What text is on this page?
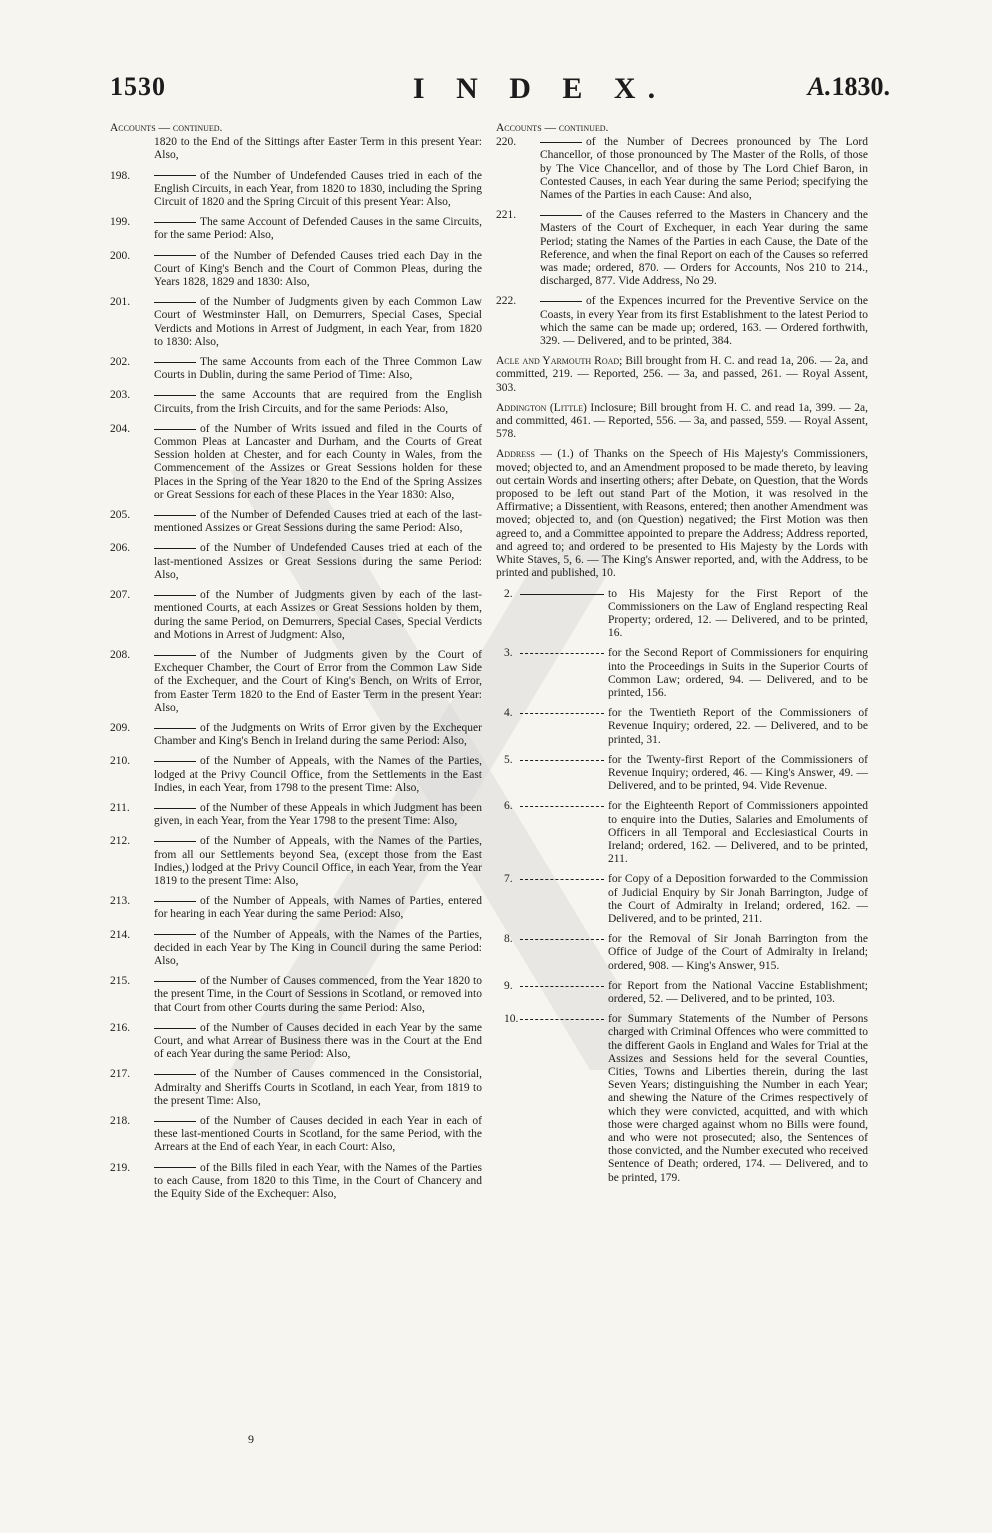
1530	I N D E X.	A.1830.
Accounts — continued.
1820 to the End of the Sittings after Easter Term in this present Year: Also,
198.	of the Number of Undefended Causes tried in each of the English Circuits, in each Year, from 1820 to 1830, including the Spring Circuit of 1820 and the Spring Circuit of this present Year: Also,
199.	The same Account of Defended Causes in the same Circuits, for the same Period: Also,
200.	of the Number of Defended Causes tried each Day in the Court of King's Bench and the Court of Common Pleas, during the Years 1828, 1829 and 1830: Also,
201.	of the Number of Judgments given by each Common Law Court of Westminster Hall, on Demurrers, Special Cases, Special Verdicts and Motions in Arrest of Judgment, in each Year, from 1820 to 1830: Also,
202.	The same Accounts from each of the Three Common Law Courts in Dublin, during the same Period of Time: Also,
203.	the same Accounts that are required from the English Circuits, from the Irish Circuits, and for the same Periods: Also,
204.	of the Number of Writs issued and filed in the Courts of Common Pleas at Lancaster and Durham, and the Courts of Great Session holden at Chester, and for each County in Wales, from the Commencement of the Assizes or Great Sessions holden for these Places in the Spring of the Year 1820 to the End of the Spring Assizes or Great Sessions for each of these Places in the Year 1830: Also,
205.	of the Number of Defended Causes tried at each of the last-mentioned Assizes or Great Sessions during the same Period: Also,
206.	of the Number of Undefended Causes tried at each of the last-mentioned Assizes or Great Sessions during the same Period: Also,
207.	of the Number of Judgments given by each of the last-mentioned Courts, at each Assizes or Great Sessions holden by them, during the same Period, on Demurrers, Special Cases, Special Verdicts and Motions in Arrest of Judgment: Also,
208.	of the Number of Judgments given by the Court of Exchequer Chamber, the Court of Error from the Common Law Side of the Exchequer, and the Court of King's Bench, on Writs of Error, from Easter Term 1820 to the End of Easter Term in the present Year: Also,
209.	of the Judgments on Writs of Error given by the Exchequer Chamber and King's Bench in Ireland during the same Period: Also,
210.	of the Number of Appeals, with the Names of the Parties, lodged at the Privy Council Office, from the Settlements in the East Indies, in each Year, from 1798 to the present Time: Also,
211.	of the Number of these Appeals in which Judgment has been given, in each Year, from the Year 1798 to the present Time: Also,
212.	of the Number of Appeals, with the Names of the Parties, from all our Settlements beyond Sea, (except those from the East Indies,) lodged at the Privy Council Office, in each Year, from the Year 1819 to the present Time: Also,
213.	of the Number of Appeals, with Names of Parties, entered for hearing in each Year during the same Period: Also,
214.	of the Number of Appeals, with the Names of the Parties, decided in each Year by The King in Council during the same Period: Also,
215.	of the Number of Causes commenced, from the Year 1820 to the present Time, in the Court of Sessions in Scotland, or removed into that Court from other Courts during the same Period: Also,
216.	of the Number of Causes decided in each Year by the same Court, and what Arrear of Business there was in the Court at the End of each Year during the same Period: Also,
217.	of the Number of Causes commenced in the Consistorial, Admiralty and Sheriffs Courts in Scotland, in each Year, from 1819 to the present Time: Also,
218.	of the Number of Causes decided in each Year in each of these last-mentioned Courts in Scotland, for the same Period, with the Arrears at the End of each Year, in each Court: Also,
219.	of the Bills filed in each Year, with the Names of the Parties to each Cause, from 1820 to this Time, in the Court of Chancery and the Equity Side of the Exchequer: Also,
Accounts — continued.
220.	of the Number of Decrees pronounced by The Lord Chancellor, of those pronounced by The Master of the Rolls, of those by The Vice Chancellor, and of those by The Lord Chief Baron, in Contested Causes, in each Year during the same Period; specifying the Names of the Parties in each Cause: And also,
221.	of the Causes referred to the Masters in Chancery and the Masters of the Court of Exchequer, in each Year during the same Period; stating the Names of the Parties in each Cause, the Date of the Reference, and when the final Report on each of the Causes so referred was made; ordered, 870. — Orders for Accounts, Nos 210 to 214., discharged, 877. Vide Address, No 29.
222.	of the Expences incurred for the Preventive Service on the Coasts, in every Year from its first Establishment to the latest Period to which the same can be made up; ordered, 163. — Ordered forthwith, 329. — Delivered, and to be printed, 384.
Acle and Yarmouth Road; Bill brought from H. C. and read 1a, 206. — 2a, and committed, 219. — Reported, 256. — 3a, and passed, 261. — Royal Assent, 303.
Addington (Little) Inclosure; Bill brought from H. C. and read 1a, 399. — 2a, and committed, 461. — Reported, 556. — 3a, and passed, 559. — Royal Assent, 578.
Address — (1.) of Thanks on the Speech of His Majesty's Commissioners, moved; objected to, and an Amendment proposed to be made thereto, by leaving out certain Words and inserting others; after Debate, on Question, that the Words proposed to be left out stand Part of the Motion, it was resolved in the Affirmative; a Dissentient, with Reasons, entered; then another Amendment was moved; objected to, and (on Question) negatived; the First Motion was then agreed to, and a Committee appointed to prepare the Address; Address reported, and agreed to; and ordered to be presented to His Majesty by the Lords with White Staves, 5, 6. — The King's Answer reported, and, with the Address, to be printed and published, 10.
2.	to His Majesty for the First Report of the Commissioners on the Law of England respecting Real Property; ordered, 12. — Delivered, and to be printed, 16.
3.	for the Second Report of Commissioners for enquiring into the Proceedings in Suits in the Superior Courts of Common Law; ordered, 94. — Delivered, and to be printed, 156.
4.	for the Twentieth Report of the Commissioners of Revenue Inquiry; ordered, 22. — Delivered, and to be printed, 31.
5.	for the Twenty-first Report of the Commissioners of Revenue Inquiry; ordered, 46. — King's Answer, 49. — Delivered, and to be printed, 94. Vide Revenue.
6.	for the Eighteenth Report of Commissioners appointed to enquire into the Duties, Salaries and Emoluments of Officers in all Temporal and Ecclesiastical Courts in Ireland; ordered, 162. — Delivered, and to be printed, 211.
7.	for Copy of a Deposition forwarded to the Commission of Judicial Enquiry by Sir Jonah Barrington, Judge of the Court of Admiralty in Ireland; ordered, 162. — Delivered, and to be printed, 211.
8.	for the Removal of Sir Jonah Barrington from the Office of Judge of the Court of Admiralty in Ireland; ordered, 908. — King's Answer, 915.
9.	for Report from the National Vaccine Establishment; ordered, 52. — Delivered, and to be printed, 103.
10.	for Summary Statements of the Number of Persons charged with Criminal Offences who were committed to the different Gaols in England and Wales for Trial at the Assizes and Sessions held for the several Counties, Cities, Towns and Liberties therein, during the last Seven Years; distinguishing the Number in each Year; and shewing the Nature of the Crimes respectively of which they were convicted, acquitted, and with which those were charged against whom no Bills were found, and who were not prosecuted; also, the Sentences of those convicted, and the Number executed who received Sentence of Death; ordered, 174. — Delivered, and to be printed, 179.
9
